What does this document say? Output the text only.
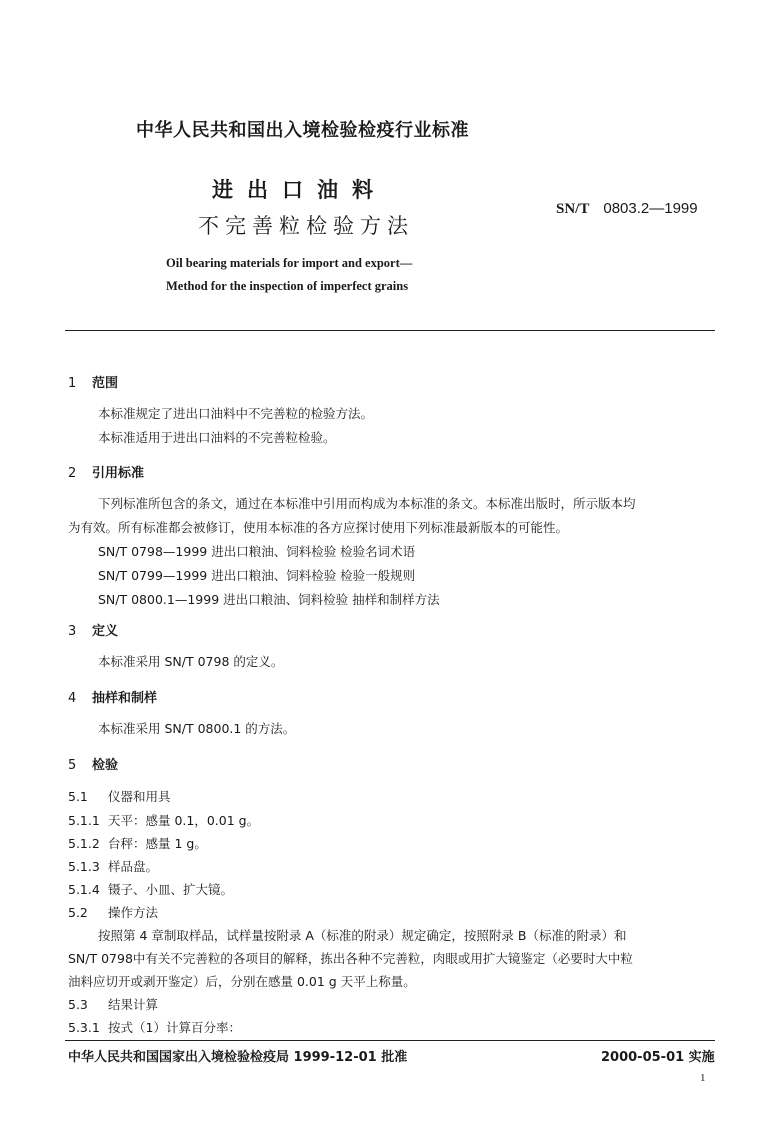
中华人民共和国出入境检验检疫行业标准
进出口油料
不完善粒检验方法
SN/T 0803.2—1999
Oil bearing materials for import and export—
Method for the inspection of imperfect grains
1 范围
本标准规定了进出口油料中不完善粒的检验方法。
本标准适用于进出口油料的不完善粒检验。
2 引用标准
下列标准所包含的条文，通过在本标准中引用而构成为本标准的条文。本标准出版时，所示版本均
为有效。所有标准都会被修订，使用本标准的各方应探讨使用下列标准最新版本的可能性。
SN/T 0798—1999 进出口粮油、饲料检验 检验名词术语
SN/T 0799—1999 进出口粮油、饲料检验 检验一般规则
SN/T 0800.1—1999 进出口粮油、饲料检验 抽样和制样方法
3 定义
本标准采用 SN/T 0798 的定义。
4 抽样和制样
本标准采用 SN/T 0800.1 的方法。
5 检验
5.1 仪器和用具
5.1.1 天平：感量 0.1，0.01 g。
5.1.2 台秤：感量 1 g。
5.1.3 样品盘。
5.1.4 镊子、小皿、扩大镜。
5.2 操作方法
按照第 4 章制取样品，试样量按附录 A（标准的附录）规定确定，按照附录 B（标准的附录）和
SN/T 0798中有关不完善粒的各项目的解释，拣出各种不完善粒，肉眼或用扩大镜鉴定（必要时大中粒
油料应切开或剥开鉴定）后，分别在感量 0.01 g 天平上称量。
5.3 结果计算
5.3.1 按式（1）计算百分率：
中华人民共和国国家出入境检验检疫局 1999-12-01 批准	2000-05-01 实施
1
